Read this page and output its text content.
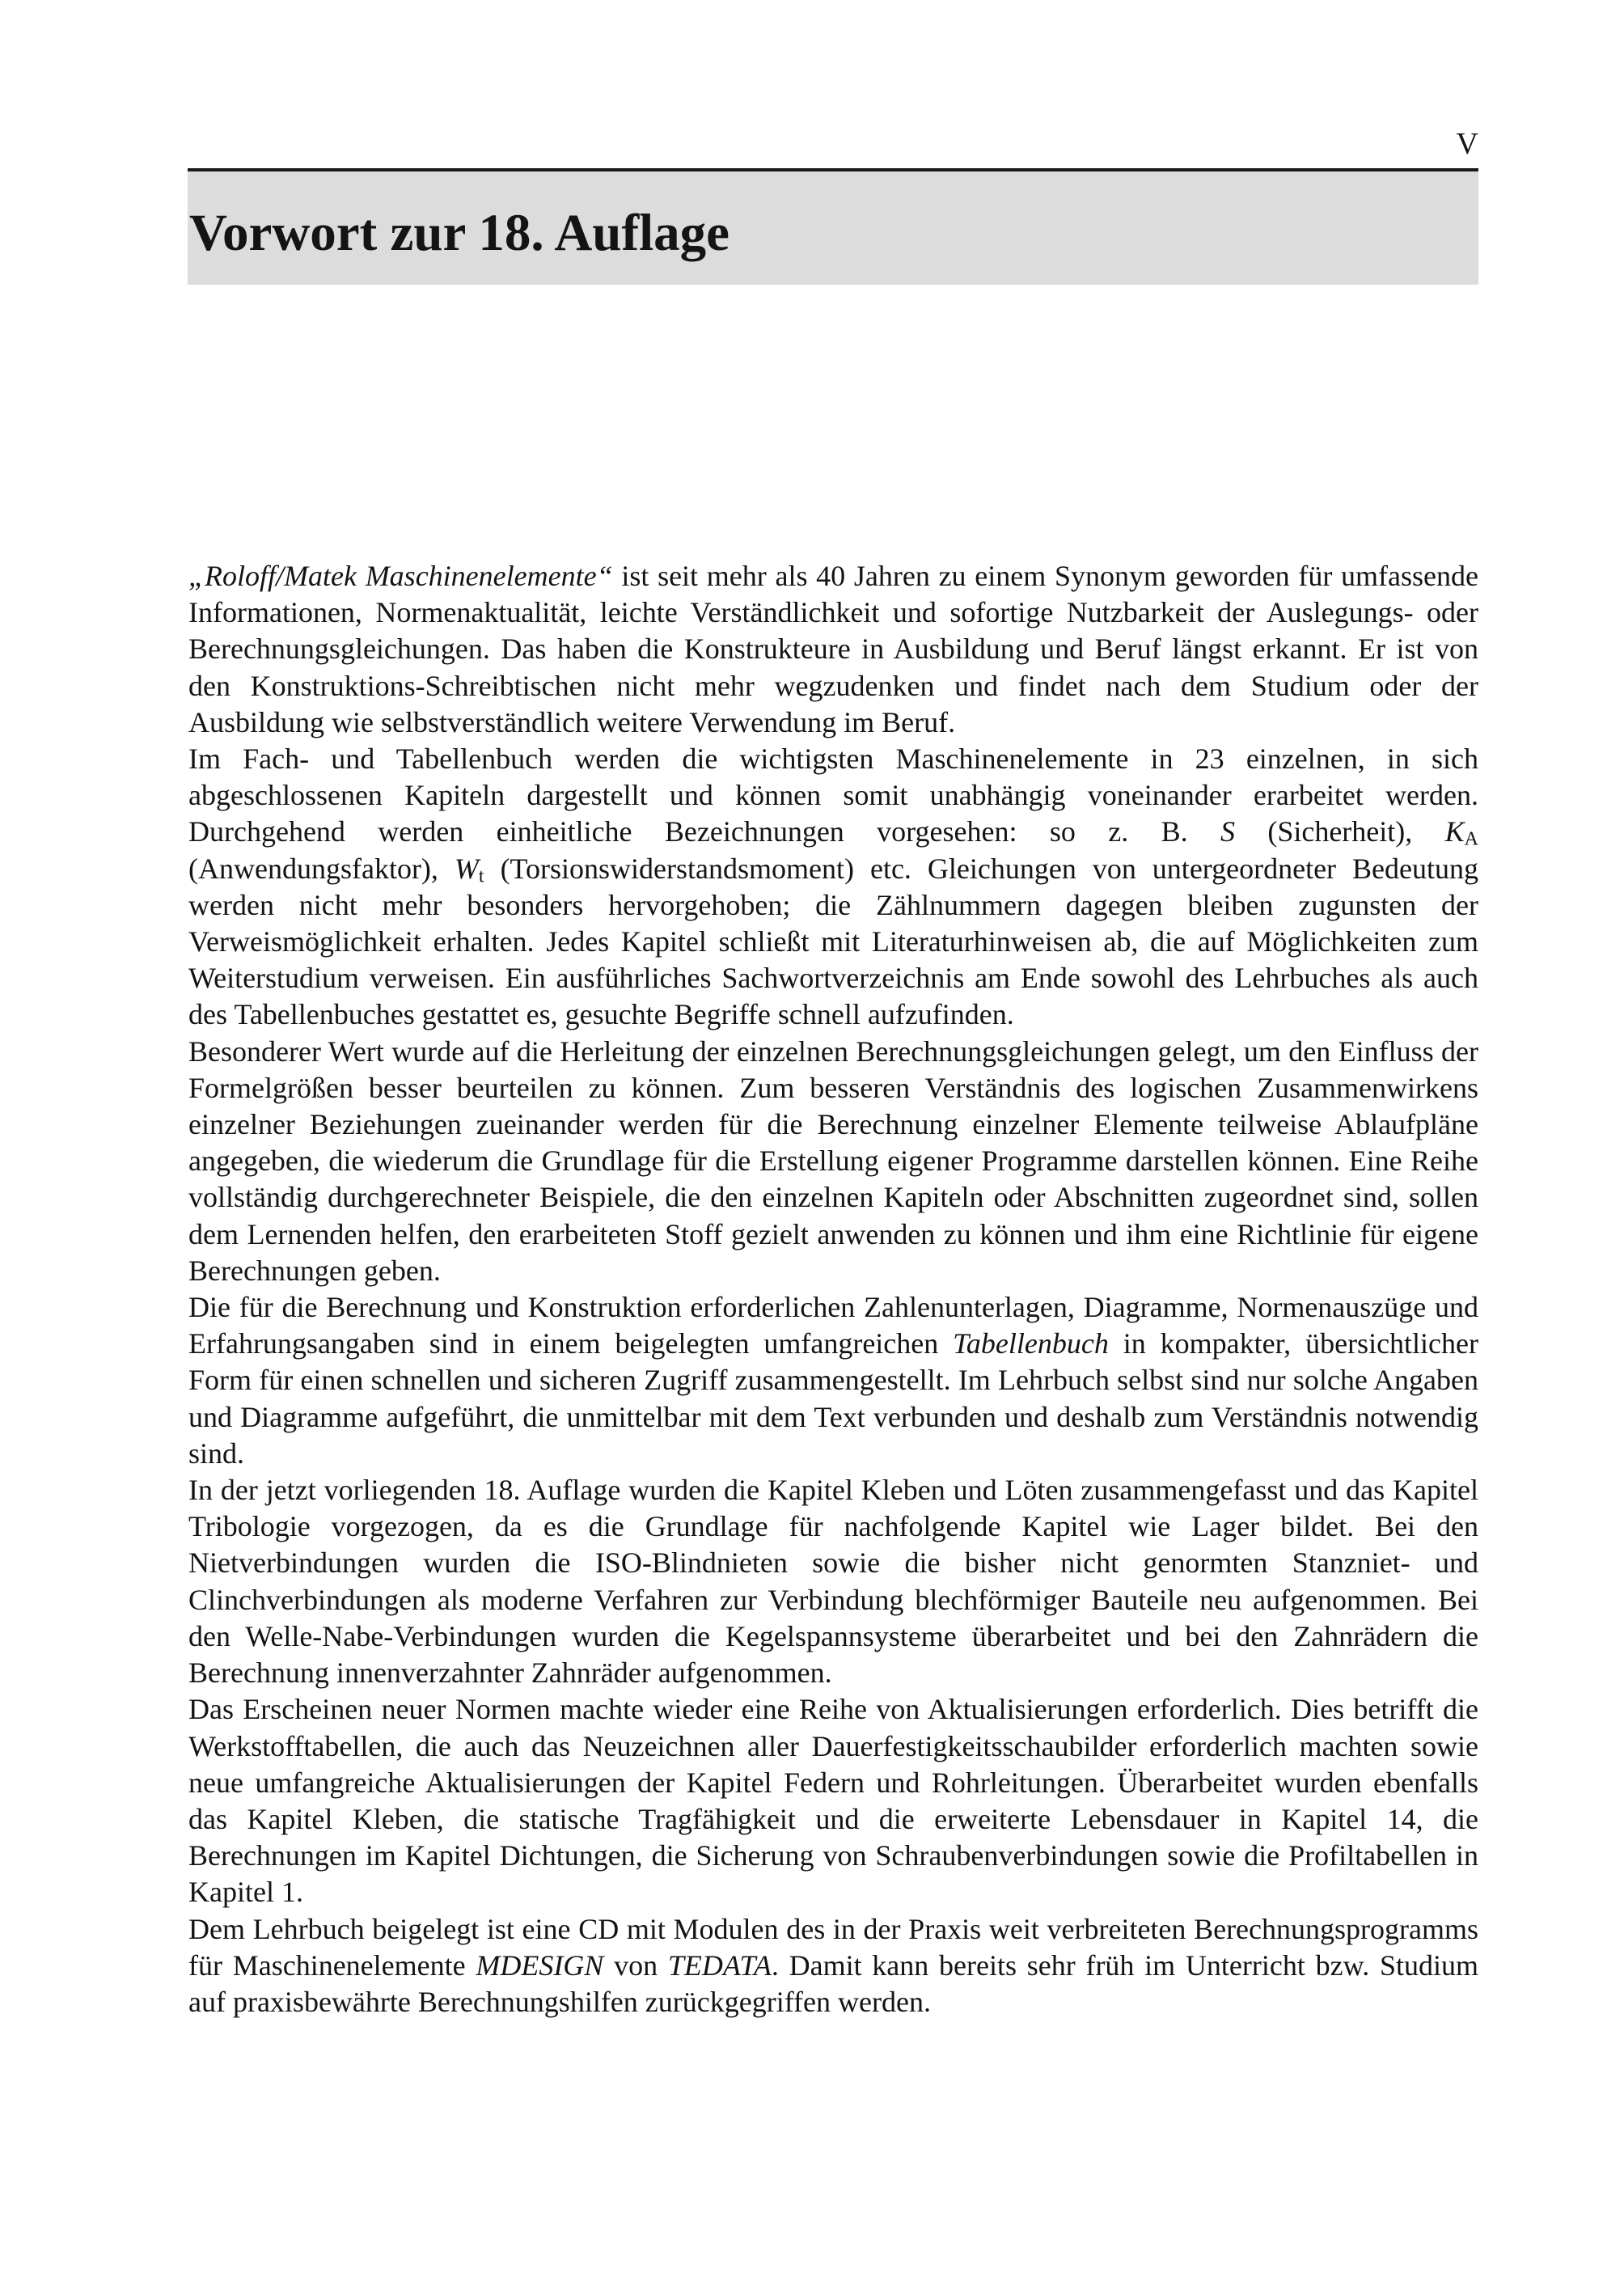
V
Vorwort zur 18. Auflage

„Roloff/Matek Maschinenelemente“ ist seit mehr als 40 Jahren zu einem Synonym geworden für umfassende Informationen, Normenaktualität, leichte Verständlichkeit und sofortige Nutzbarkeit der Auslegungs- oder Berechnungsgleichungen. Das haben die Konstrukteure in Ausbildung und Beruf längst erkannt. Er ist von den Konstruktions-Schreibtischen nicht mehr wegzudenken und findet nach dem Studium oder der Ausbildung wie selbstverständlich weitere Verwendung im Beruf.

Im Fach- und Tabellenbuch werden die wichtigsten Maschinenelemente in 23 einzelnen, in sich abgeschlossenen Kapiteln dargestellt und können somit unabhängig voneinander erarbeitet werden. Durchgehend werden einheitliche Bezeichnungen vorgesehen: so z. B. S (Sicherheit), $K_A$ (Anwendungsfaktor), $W_t$ (Torsionswiderstandsmoment) etc. Gleichungen von untergeordneter Bedeutung werden nicht mehr besonders hervorgehoben; die Zählnummern dagegen bleiben zugunsten der Verweismöglichkeit erhalten. Jedes Kapitel schließt mit Literaturhinweisen ab, die auf Möglichkeiten zum Weiterstudium verweisen. Ein ausführliches Sachwortverzeichnis am Ende sowohl des Lehrbuches als auch des Tabellenbuches gestattet es, gesuchte Begriffe schnell aufzufinden.

Besonderer Wert wurde auf die Herleitung der einzelnen Berechnungsgleichungen gelegt, um den Einfluss der Formelgrößen besser beurteilen zu können. Zum besseren Verständnis des logischen Zusammenwirkens einzelner Beziehungen zueinander werden für die Berechnung einzelner Elemente teilweise Ablaufpläne angegeben, die wiederum die Grundlage für die Erstellung eigener Programme darstellen können. Eine Reihe vollständig durchgerechneter Beispiele, die den einzelnen Kapiteln oder Abschnitten zugeordnet sind, sollen dem Lernenden helfen, den erarbeiteten Stoff gezielt anwenden zu können und ihm eine Richtlinie für eigene Berechnungen geben.

Die für die Berechnung und Konstruktion erforderlichen Zahlenunterlagen, Diagramme, Normenauszüge und Erfahrungsangaben sind in einem beigelegten umfangreichen Tabellenbuch in kompakter, übersichtlicher Form für einen schnellen und sicheren Zugriff zusammengestellt. Im Lehrbuch selbst sind nur solche Angaben und Diagramme aufgeführt, die unmittelbar mit dem Text verbunden und deshalb zum Verständnis notwendig sind.

In der jetzt vorliegenden 18. Auflage wurden die Kapitel Kleben und Löten zusammengefasst und das Kapitel Tribologie vorgezogen, da es die Grundlage für nachfolgende Kapitel wie Lager bildet. Bei den Nietverbindungen wurden die ISO-Blindnieten sowie die bisher nicht genormten Stanzniet- und Clinchverbindungen als moderne Verfahren zur Verbindung blechförmiger Bauteile neu aufgenommen. Bei den Welle-Nabe-Verbindungen wurden die Kegelspannsysteme überarbeitet und bei den Zahnrädern die Berechnung innenverzahnter Zahnräder aufgenommen.

Das Erscheinen neuer Normen machte wieder eine Reihe von Aktualisierungen erforderlich. Dies betrifft die Werkstofftabellen, die auch das Neuzeichnen aller Dauerfestigkeitsschaubilder erforderlich machten sowie neue umfangreiche Aktualisierungen der Kapitel Federn und Rohrleitungen. Überarbeitet wurden ebenfalls das Kapitel Kleben, die statische Tragfähigkeit und die erweiterte Lebensdauer in Kapitel 14, die Berechnungen im Kapitel Dichtungen, die Sicherung von Schraubenverbindungen sowie die Profiltabellen in Kapitel 1.

Dem Lehrbuch beigelegt ist eine CD mit Modulen des in der Praxis weit verbreiteten Berechnungsprogramms für Maschinenelemente MDESIGN von TEDATA. Damit kann bereits sehr früh im Unterricht bzw. Studium auf praxisbewährte Berechnungshilfen zurückgegriffen werden.
